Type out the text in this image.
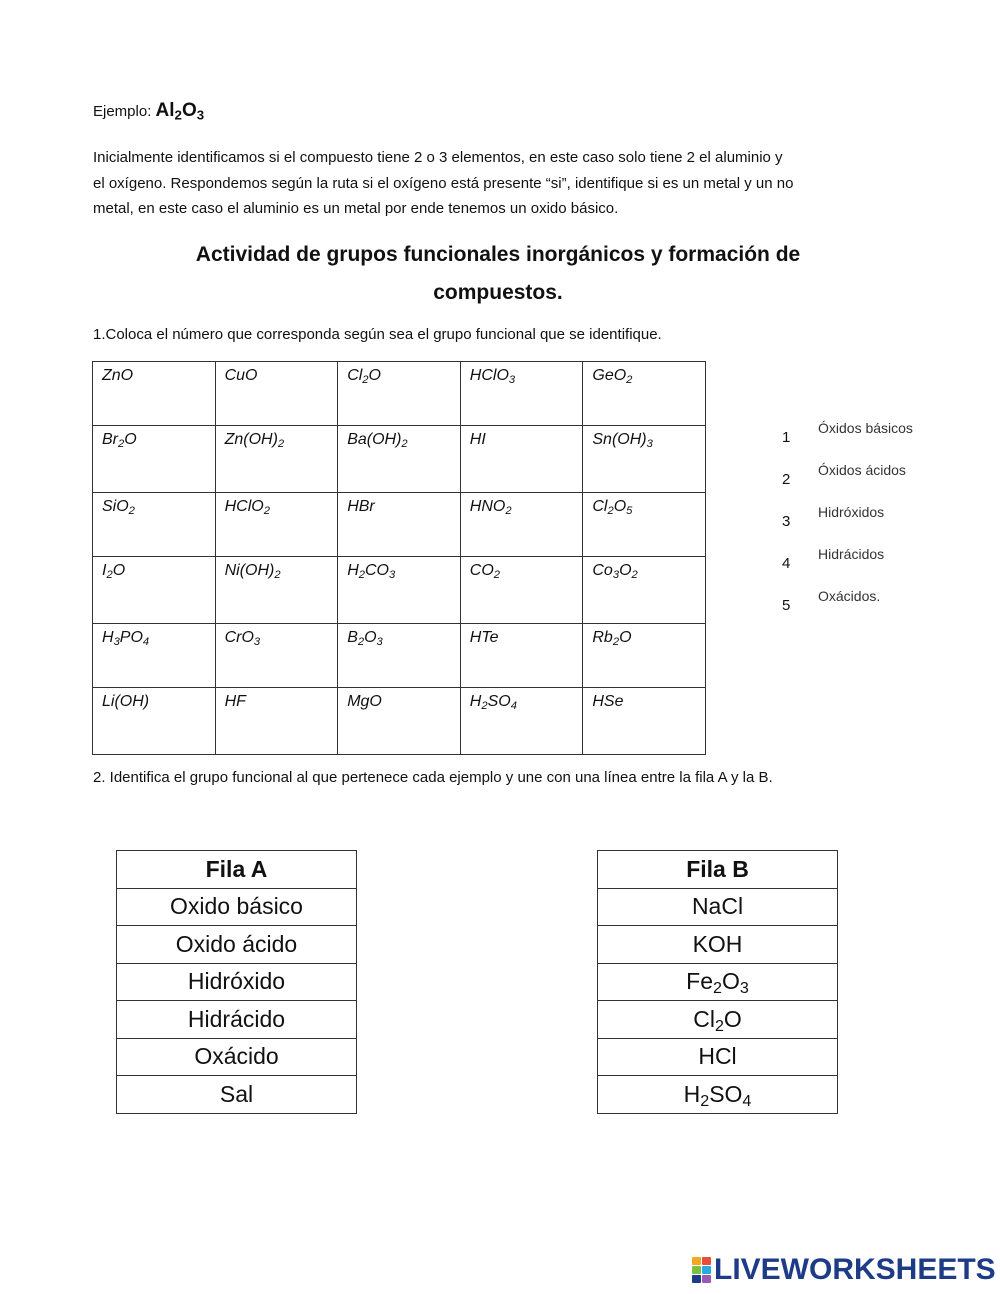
Ejemplo: $Al_2O_3$
Inicialmente identificamos si el compuesto tiene 2 o 3 elementos, en este caso solo tiene 2 el aluminio y
el oxígeno. Respondemos según la ruta si el oxígeno está presente “si”, identifique si es un metal y un no
metal, en este caso el aluminio es un metal por ende tenemos un oxido básico.
Actividad de grupos funcionales inorgánicos y formación de
compuestos.
1.Coloca el número que corresponda según sea el grupo funcional que se identifique.
ZnO	CuO	$Cl_2O$	HClO$_3$	GeO$_2$
$Br_2O$	$Zn(OH)_2$	$Ba(OH)_2$	HI	$Sn(OH)_3$
SiO$_2$	HClO$_2$	HBr	$HNO_2$	$Cl_2O_5$
$I_2O$	$Ni(OH)_2$	$H_2CO_3$	$CO_2$	$Co_3O_2$
$H_3PO_4$	CrO$_3$	$B_2O_3$	HTe	$Rb_2O$
Li(OH)	HF	MgO	$H_2SO_4$	HSe
1Óxidos básicos
2Óxidos ácidos
3Hidróxidos
4Hidrácidos
5Oxácidos.
2. Identifica el grupo funcional al que pertenece cada ejemplo y une con una línea entre la fila A y la B.
Fila A
Oxido básico
Oxido ácido
Hidróxido
Hidrácido
Oxácido
Sal
Fila B
NaCl
KOH
$Fe_2O_3$
$Cl_2O$
HCl
$H_2SO_4$
LIVEWORKSHEETS
